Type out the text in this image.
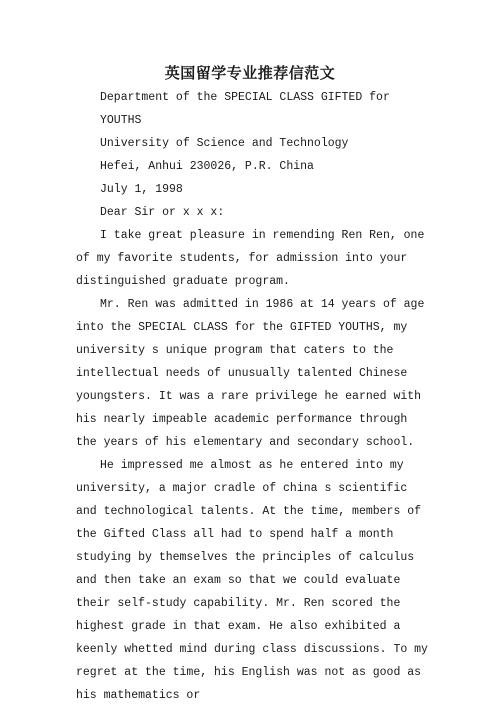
英国留学专业推荐信范文

Department of the SPECIAL CLASS GIFTED for YOUTHS

University of Science and Technology

Hefei, Anhui 230026, P.R. China

July 1, 1998

Dear Sir or x x x:

I take great pleasure in remending Ren Ren, one of my favorite students, for admission into your distinguished graduate program.

Mr. Ren was admitted in 1986 at 14 years of age into the SPECIAL CLASS for the GIFTED YOUTHS, my university s unique program that caters to the intellectual needs of unusually talented Chinese youngsters. It was a rare privilege he earned with his nearly impeable academic performance through the years of his elementary and secondary school.

He impressed me almost as he entered into my university, a major cradle of china s scientific and technological talents. At the time, members of the Gifted Class all had to spend half a month studying by themselves the principles of calculus and then take an exam so that we could evaluate their self-study capability. Mr. Ren scored the highest grade in that exam. He also exhibited a keenly whetted mind during class discussions. To my regret at the time, his English was not as good as his mathematics or
